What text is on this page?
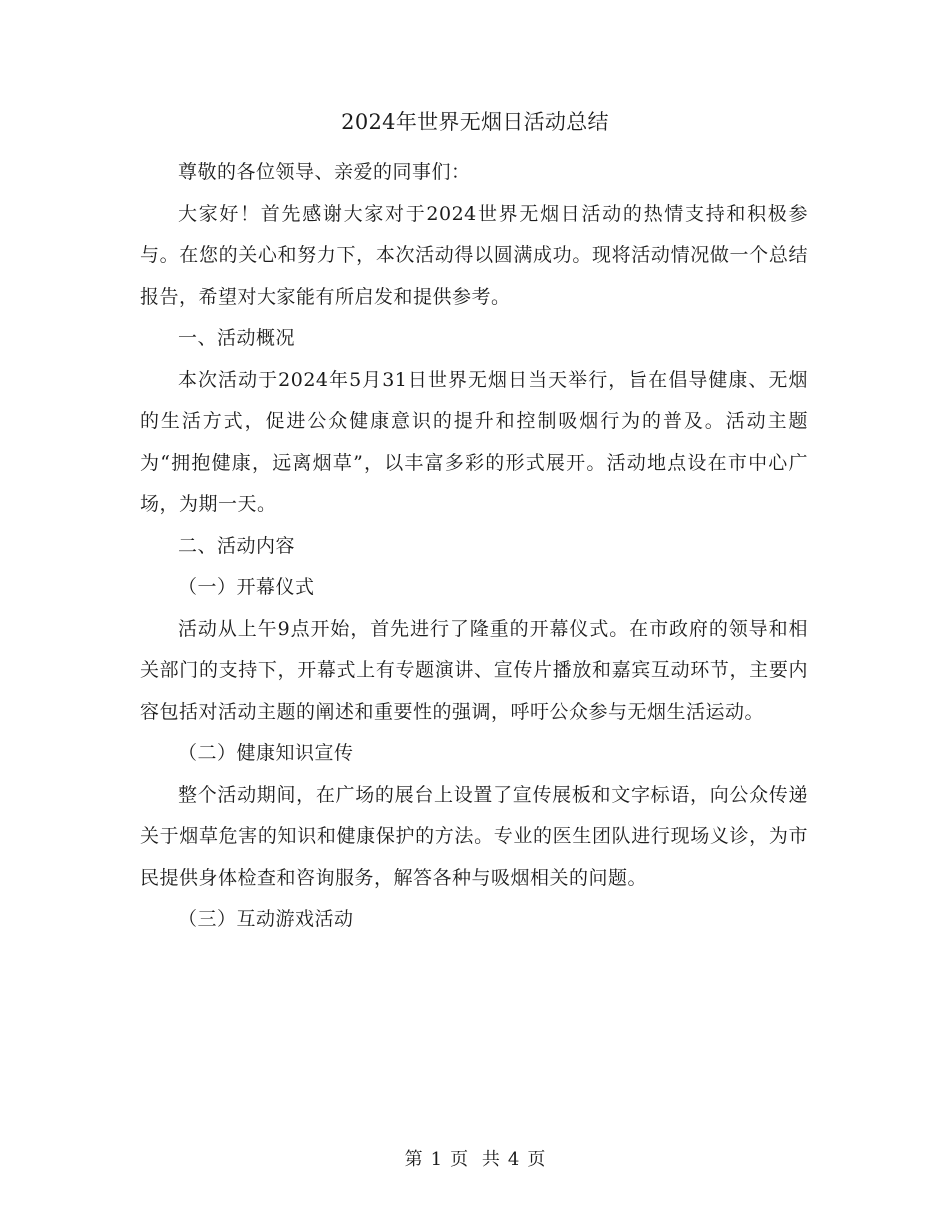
2024年世界无烟日活动总结

尊敬的各位领导、亲爱的同事们：

大家好！首先感谢大家对于2024世界无烟日活动的热情支持和积极参与。在您的关心和努力下，本次活动得以圆满成功。现将活动情况做一个总结报告，希望对大家能有所启发和提供参考。

一、活动概况

本次活动于2024年5月31日世界无烟日当天举行，旨在倡导健康、无烟的生活方式，促进公众健康意识的提升和控制吸烟行为的普及。活动主题为“拥抱健康，远离烟草”，以丰富多彩的形式展开。活动地点设在市中心广场，为期一天。

二、活动内容

（一）开幕仪式

活动从上午9点开始，首先进行了隆重的开幕仪式。在市政府的领导和相关部门的支持下，开幕式上有专题演讲、宣传片播放和嘉宾互动环节，主要内容包括对活动主题的阐述和重要性的强调，呼吁公众参与无烟生活运动。

（二）健康知识宣传

整个活动期间，在广场的展台上设置了宣传展板和文字标语，向公众传递关于烟草危害的知识和健康保护的方法。专业的医生团队进行现场义诊，为市民提供身体检查和咨询服务，解答各种与吸烟相关的问题。

（三）互动游戏活动

第 1 页 共 4 页
